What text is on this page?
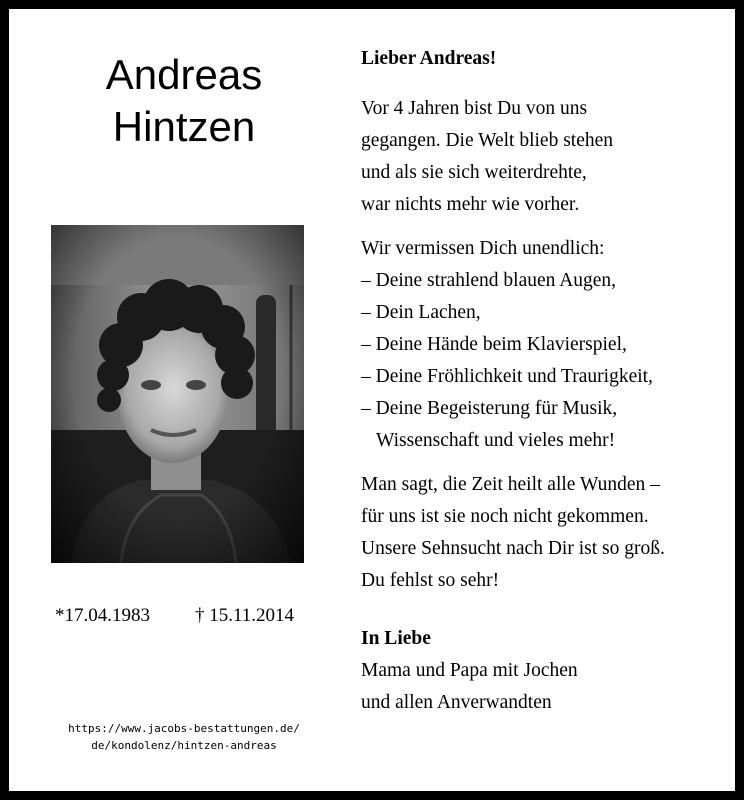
Andreas
Hintzen
*17.04.1983 † 15.11.2014
https://www.jacobs-bestattungen.de/
de/kondolenz/hintzen-andreas

Lieber Andreas!

Vor 4 Jahren bist Du von uns

gegangen. Die Welt blieb stehen

und als sie sich weiterdrehte,

war nichts mehr wie vorher.

Wir vermissen Dich unendlich:

– Deine strahlend blauen Augen,

– Dein Lachen,

– Deine Hände beim Klavierspiel,

– Deine Fröhlichkeit und Traurigkeit,

– Deine Begeisterung für Musik,

Wissenschaft und vieles mehr!

Man sagt, die Zeit heilt alle Wunden –

für uns ist sie noch nicht gekommen.

Unsere Sehnsucht nach Dir ist so groß.

Du fehlst so sehr!

In Liebe

Mama und Papa mit Jochen

und allen Anverwandten
